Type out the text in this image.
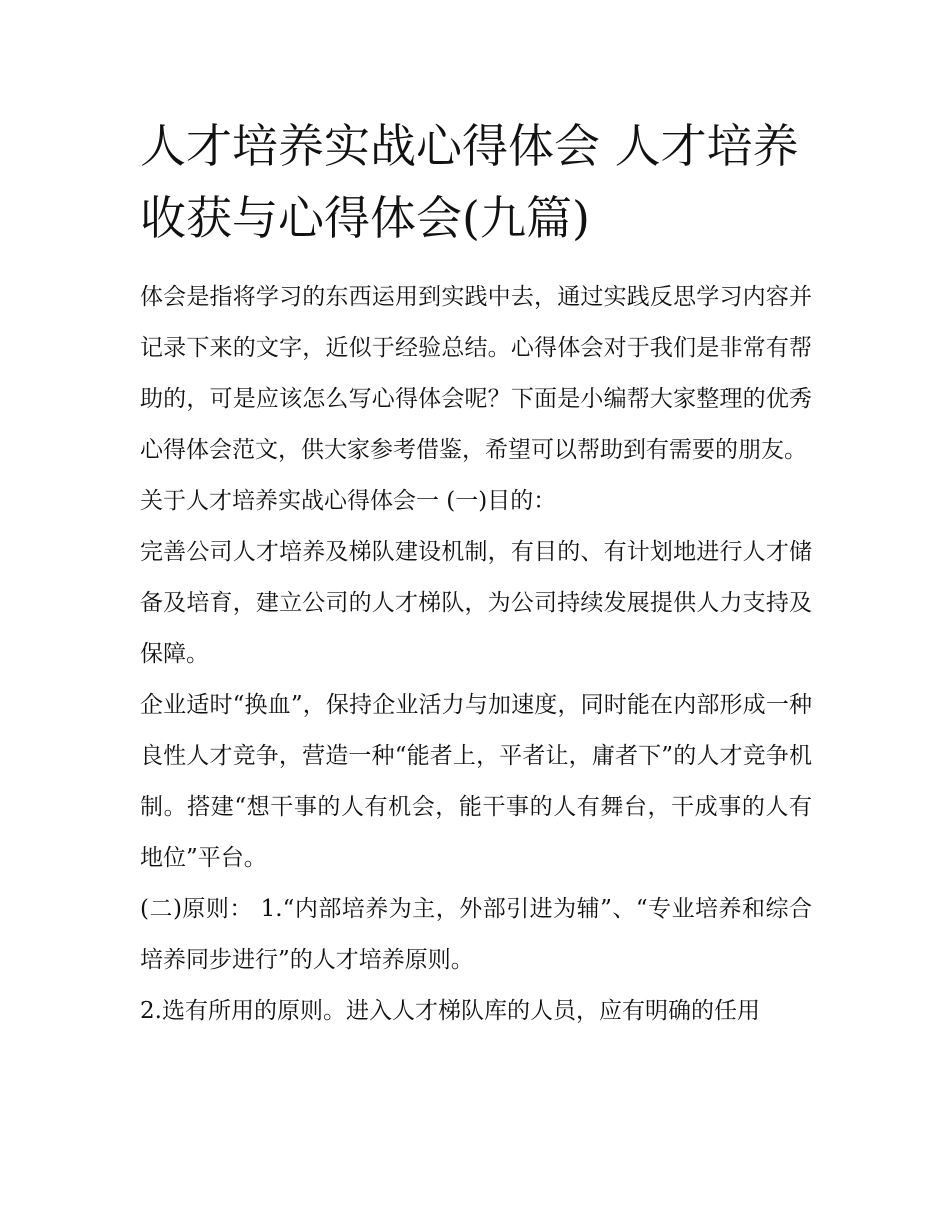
人才培养实战心得体会 人才培养收获与心得体会(九篇)

体会是指将学习的东西运用到实践中去，通过实践反思学习内容并记录下来的文字，近似于经验总结。心得体会对于我们是非常有帮助的，可是应该怎么写心得体会呢？下面是小编帮大家整理的优秀心得体会范文，供大家参考借鉴，希望可以帮助到有需要的朋友。

关于人才培养实战心得体会一 (一)目的：

完善公司人才培养及梯队建设机制，有目的、有计划地进行人才储备及培育，建立公司的人才梯队，为公司持续发展提供人力支持及保障。

企业适时“换血”，保持企业活力与加速度，同时能在内部形成一种良性人才竞争，营造一种“能者上，平者让，庸者下”的人才竞争机制。搭建“想干事的人有机会，能干事的人有舞台，干成事的人有地位”平台。

(二)原则： 1.“内部培养为主，外部引进为辅”、“专业培养和综合培养同步进行”的人才培养原则。

2.选有所用的原则。进入人才梯队库的人员，应有明确的任用
